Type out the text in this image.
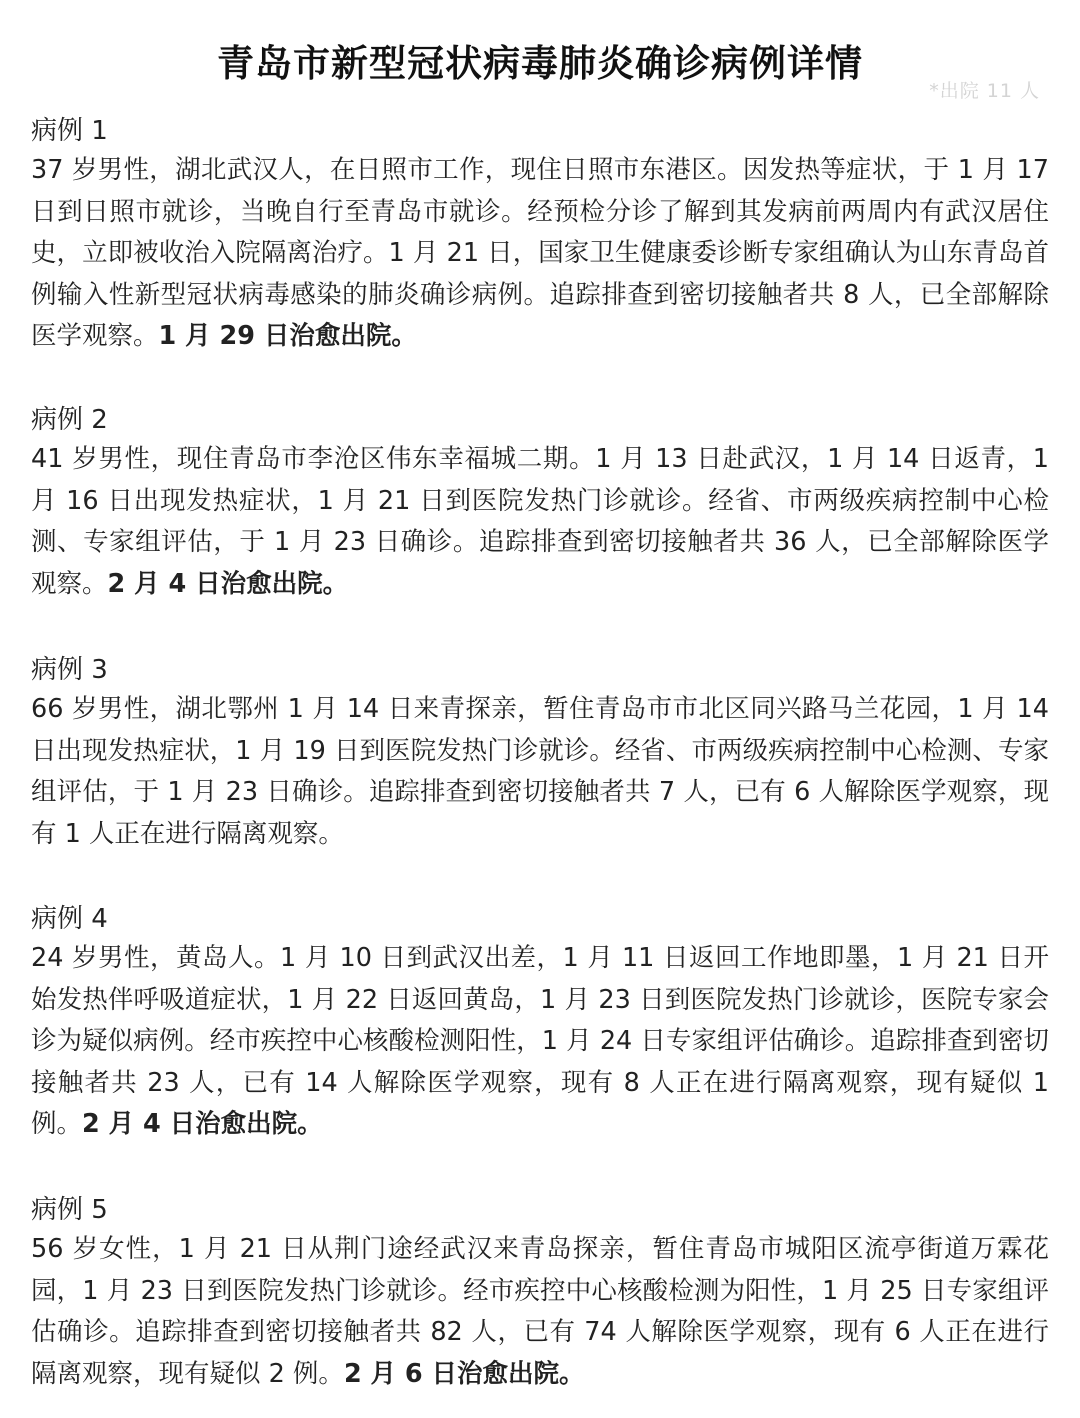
青岛市新型冠状病毒肺炎确诊病例详情
*出院 11 人
病例 1

37 岁男性，湖北武汉人，在日照市工作，现住日照市东港区。因发热等症状，于 1 月 17 日到日照市就诊，当晚自行至青岛市就诊。经预检分诊了解到其发病前两周内有武汉居住史，立即被收治入院隔离治疗。1 月 21 日，国家卫生健康委诊断专家组确认为山东青岛首例输入性新型冠状病毒感染的肺炎确诊病例。追踪排查到密切接触者共 8 人，已全部解除医学观察。1 月 29 日治愈出院。

病例 2

41 岁男性，现住青岛市李沧区伟东幸福城二期。1 月 13 日赴武汉，1 月 14 日返青，1 月 16 日出现发热症状，1 月 21 日到医院发热门诊就诊。经省、市两级疾病控制中心检测、专家组评估，于 1 月 23 日确诊。追踪排查到密切接触者共 36 人，已全部解除医学观察。2 月 4 日治愈出院。

病例 3

66 岁男性，湖北鄂州 1 月 14 日来青探亲，暂住青岛市市北区同兴路马兰花园，1 月 14 日出现发热症状，1 月 19 日到医院发热门诊就诊。经省、市两级疾病控制中心检测、专家组评估，于 1 月 23 日确诊。追踪排查到密切接触者共 7 人，已有 6 人解除医学观察，现有 1 人正在进行隔离观察。

病例 4

24 岁男性，黄岛人。1 月 10 日到武汉出差，1 月 11 日返回工作地即墨，1 月 21 日开始发热伴呼吸道症状，1 月 22 日返回黄岛，1 月 23 日到医院发热门诊就诊，医院专家会诊为疑似病例。经市疾控中心核酸检测阳性，1 月 24 日专家组评估确诊。追踪排查到密切接触者共 23 人，已有 14 人解除医学观察，现有 8 人正在进行隔离观察，现有疑似 1 例。2 月 4 日治愈出院。

病例 5

56 岁女性，1 月 21 日从荆门途经武汉来青岛探亲，暂住青岛市城阳区流亭街道万霖花园，1 月 23 日到医院发热门诊就诊。经市疾控中心核酸检测为阳性，1 月 25 日专家组评估确诊。追踪排查到密切接触者共 82 人，已有 74 人解除医学观察，现有 6 人正在进行隔离观察，现有疑似 2 例。2 月 6 日治愈出院。
